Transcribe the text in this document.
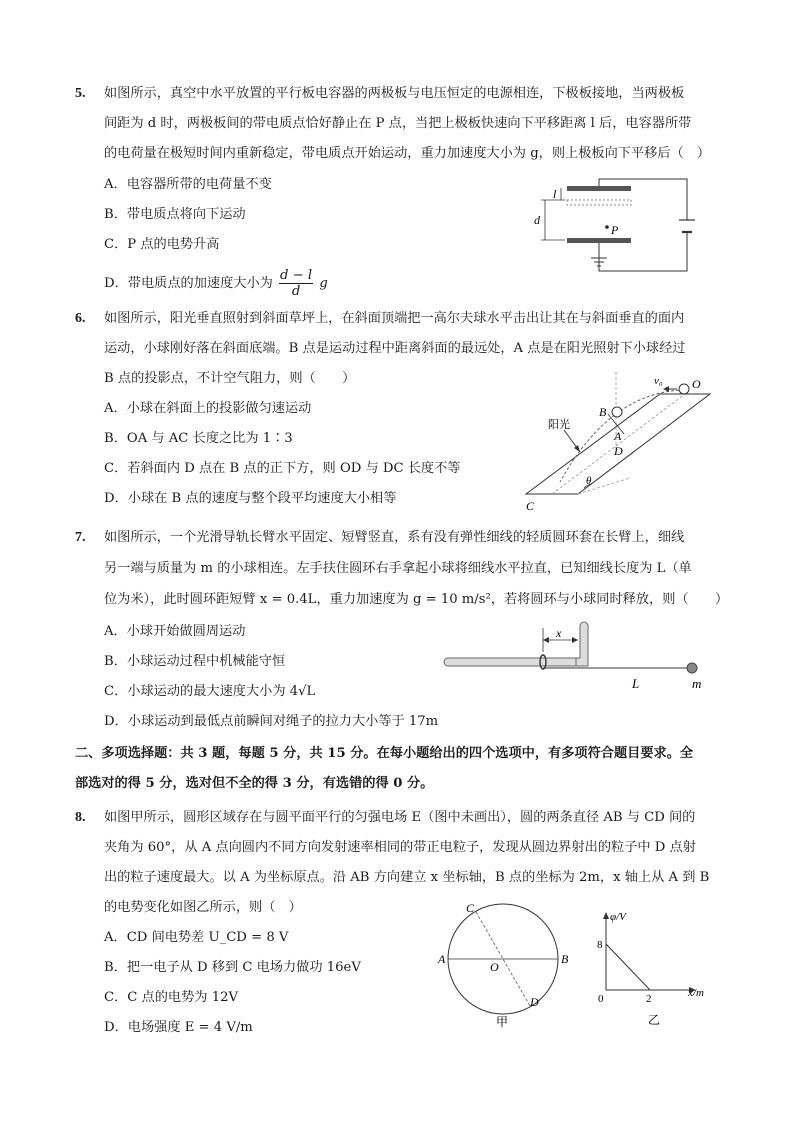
5. 如图所示，真空中水平放置的平行板电容器的两极板与电压恒定的电源相连，下极板接地，当两极板
间距为 d 时，两极板间的带电质点恰好静止在 P 点，当把上极板快速向下平移距离 l 后，电容器所带
的电荷量在极短时间内重新稳定，带电质点开始运动，重力加速度大小为 g，则上极板向下平移后（　）
A．电容器所带的电荷量不变
B．带电质点将向下运动
C．P 点的电势升高
D．带电质点的加速度大小为 $\frac{d - l}{d}$ g
l
d
P
6. 如图所示，阳光垂直照射到斜面草坪上，在斜面顶端把一高尔夫球水平击出让其在与斜面垂直的面内
运动，小球刚好落在斜面底端。B 点是运动过程中距离斜面的最远处，A 点是在阳光照射下小球经过
B 点的投影点，不计空气阻力，则（　　）
A．小球在斜面上的投影做匀速运动
B．OA 与 AC 长度之比为 1∶3
C．若斜面内 D 点在 B 点的正下方，则 OD 与 DC 长度不等
D．小球在 B 点的速度与整个段平均速度大小相等
v₀ O
B
A
D
阳光
C
θ
7. 如图所示，一个光滑导轨长臂水平固定、短臂竖直，系有没有弹性细线的轻质圆环套在长臂上，细线
另一端与质量为 m 的小球相连。左手扶住圆环右手拿起小球将细线水平拉直，已知细线长度为 L（单
位为米），此时圆环距短臂 x = 0.4L，重力加速度为 g = 10 m/s²，若将圆环与小球同时释放，则（　　）
A．小球开始做圆周运动
B．小球运动过程中机械能守恒
C．小球运动的最大速度大小为 4√L
D．小球运动到最低点前瞬间对绳子的拉力大小等于 17m
x
L	m
二、多项选择题：共 3 题，每题 5 分，共 15 分。在每小题给出的四个选项中，有多项符合题目要求。全
部选对的得 5 分，选对但不全的得 3 分，有选错的得 0 分。
8. 如图甲所示，圆形区域存在与圆平面平行的匀强电场 E（图中未画出），圆的两条直径 AB 与 CD 间的
夹角为 60°，从 A 点向圆内不同方向发射速率相同的带正电粒子，发现从圆边界射出的粒子中 D 点射
出的粒子速度最大。以 A 为坐标原点。沿 AB 方向建立 x 坐标轴，B 点的坐标为 2m，x 轴上从 A 到 B
的电势变化如图乙所示，则（　）
A．CD 间电势差 U_CD = 8 V
B．把一电子从 D 移到 C 电场力做功 16eV
C．C 点的电势为 12V
D．电场强度 E = 4 V/m
A	B
C
D
O
甲
φ/V
x/m
8
0	2
乙
